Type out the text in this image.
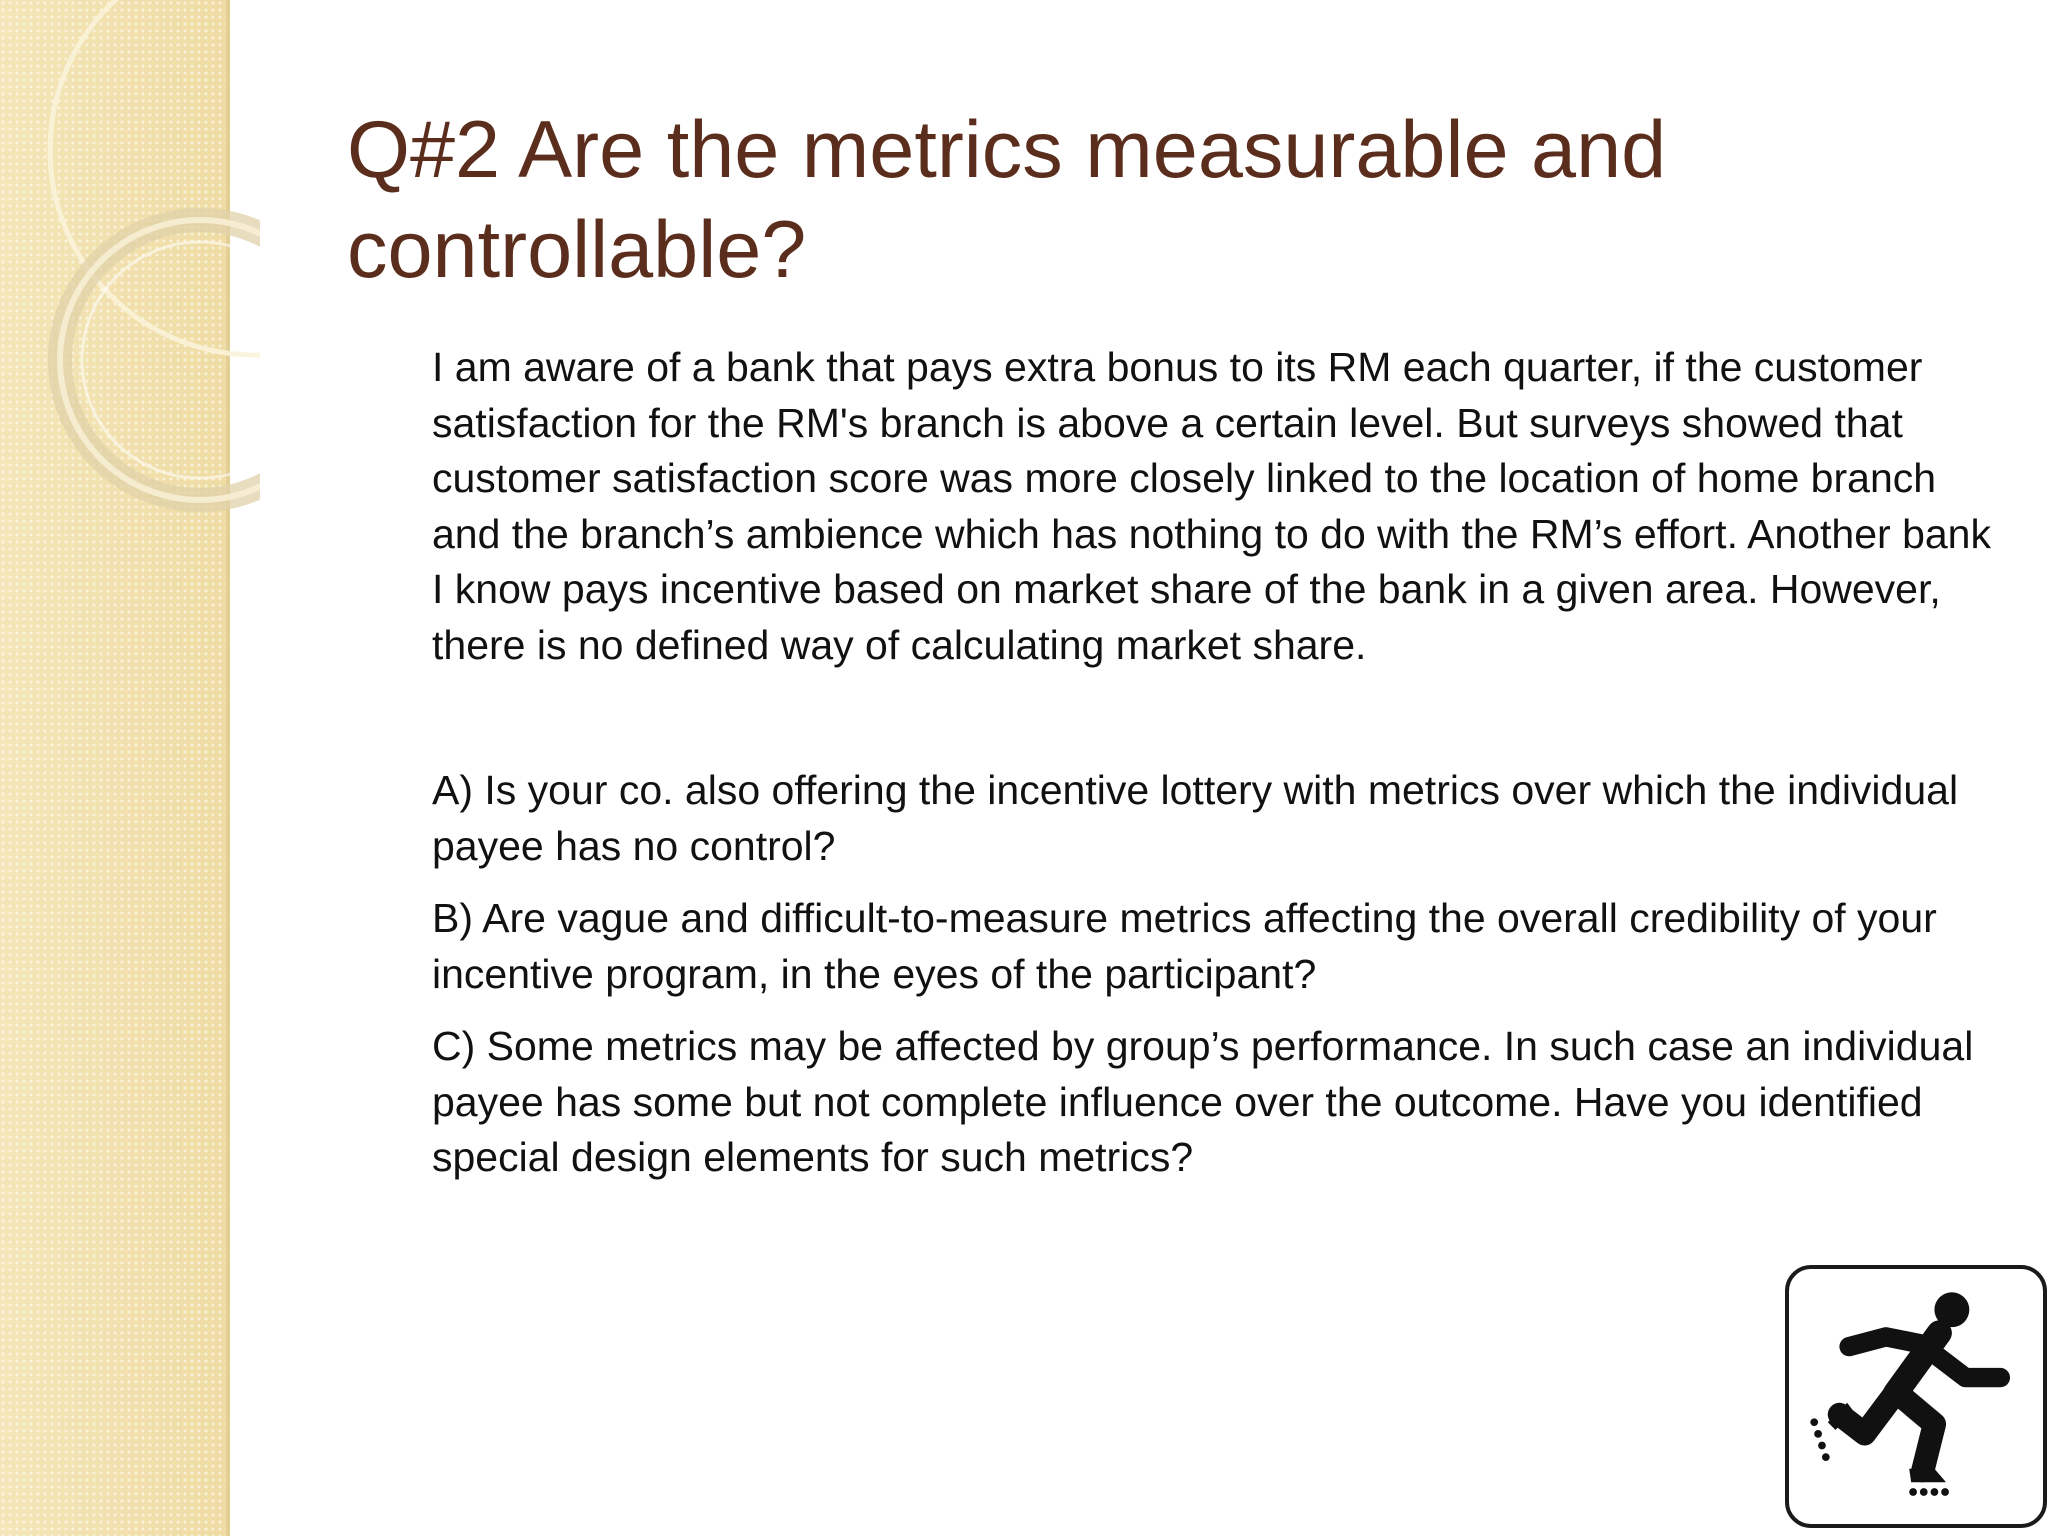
Q#2 Are the metrics measurable and controllable?

I am aware of a bank that pays extra bonus to its RM each quarter, if the customer satisfaction for the RM's branch is above a certain level. But surveys showed that customer satisfaction score was more closely linked to the location of home branch and the branch’s ambience which has nothing to do with the RM’s effort. Another bank I know pays incentive based on market share of the bank in a given area. However, there is no defined way of calculating market share.

A) Is your co. also offering the incentive lottery with metrics over which the individual payee has no control?

B) Are vague and difficult-to-measure metrics affecting the overall credibility of your incentive program, in the eyes of the participant?

C) Some metrics may be affected by group’s performance. In such case an individual payee has some but not complete influence over the outcome. Have you identified special design elements for such metrics?
